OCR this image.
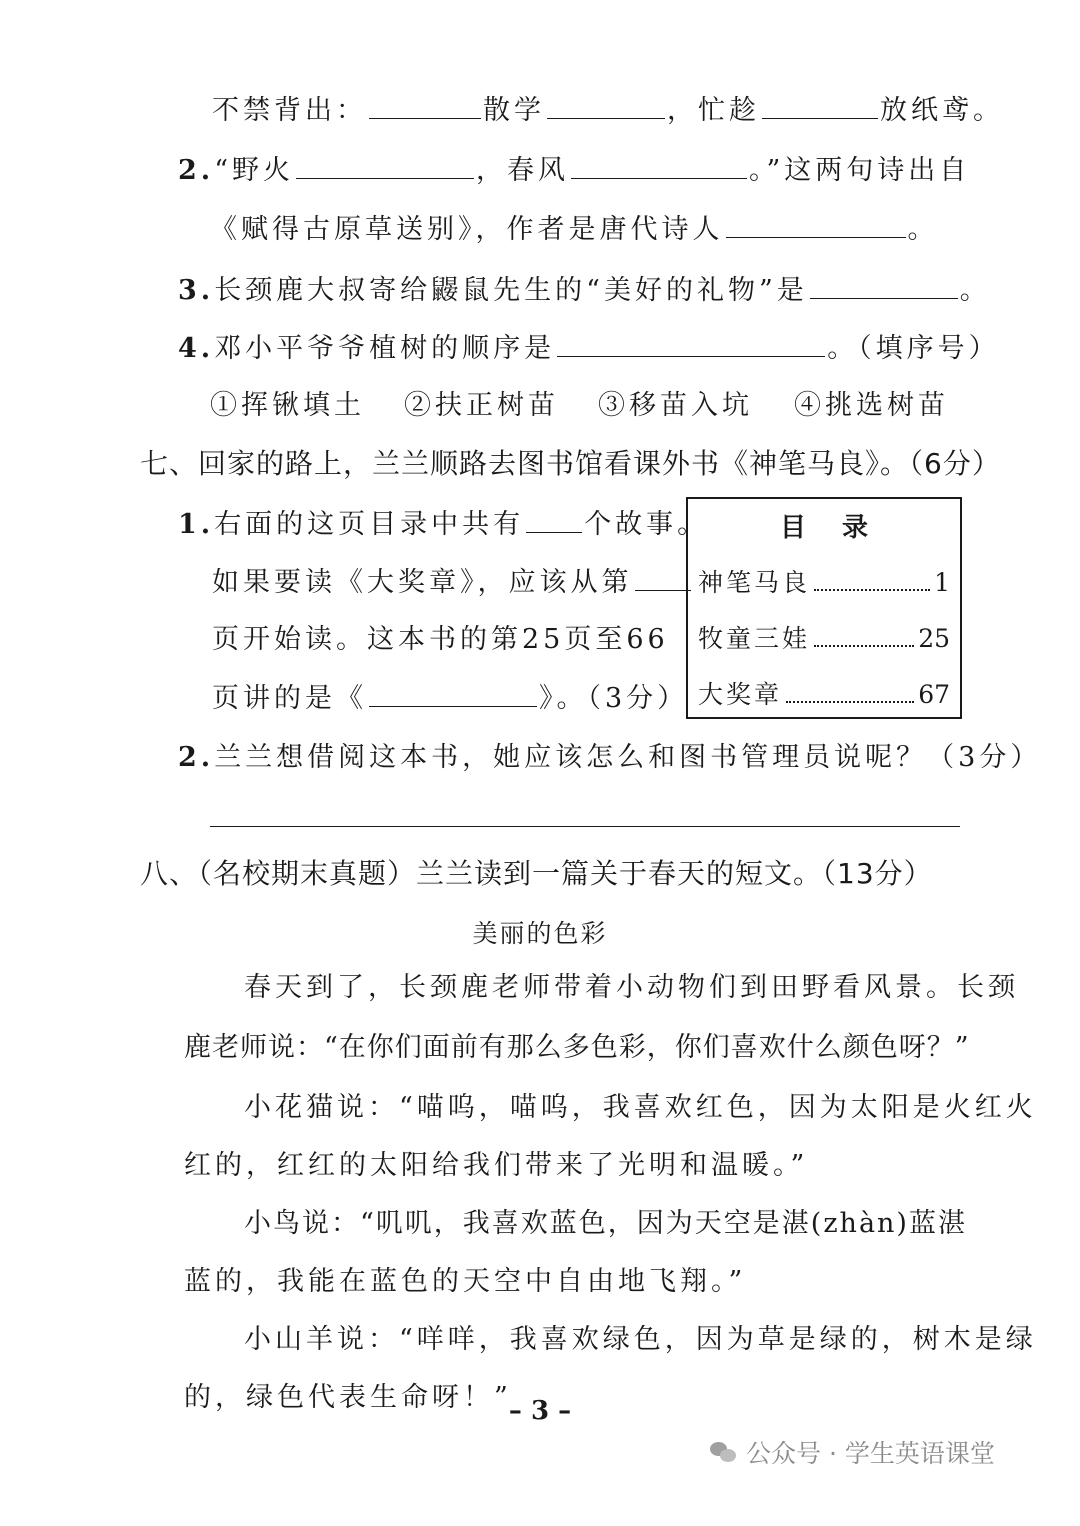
不禁背出：	散学	，忙趁	放纸鸢。
2.“野火	，春风	。”这两句诗出自
《赋得古原草送别》，作者是唐代诗人	。
3.长颈鹿大叔寄给鼹鼠先生的“美好的礼物”是	。
4.邓小平爷爷植树的顺序是	。（填序号）
①挥锹填土 ②扶正树苗 ③移苗入坑 ④挑选树苗
七、回家的路上，兰兰顺路去图书馆看课外书《神笔马良》。（6分）
1.右面的这页目录中共有 个故事。
如果要读《大奖章》，应该从第
页开始读。这本书的第25页至66
页讲的是《	》。（3分）
目录
神笔马良	1
牧童三娃	25
大奖章	67
2.兰兰想借阅这本书，她应该怎么和图书管理员说呢？（3分）
八、（名校期末真题）兰兰读到一篇关于春天的短文。（13分）
美丽的色彩
春天到了，长颈鹿老师带着小动物们到田野看风景。长颈
鹿老师说：“在你们面前有那么多色彩，你们喜欢什么颜色呀？”
小花猫说：“喵呜，喵呜，我喜欢红色，因为太阳是火红火
红的，红红的太阳给我们带来了光明和温暖。”
小鸟说：“叽叽，我喜欢蓝色，因为天空是湛(zhàn)蓝湛
蓝的，我能在蓝色的天空中自由地飞翔。”
小山羊说：“咩咩，我喜欢绿色，因为草是绿的，树木是绿
的，绿色代表生命呀！”
– 3 –
公众号 · 学生英语课堂
